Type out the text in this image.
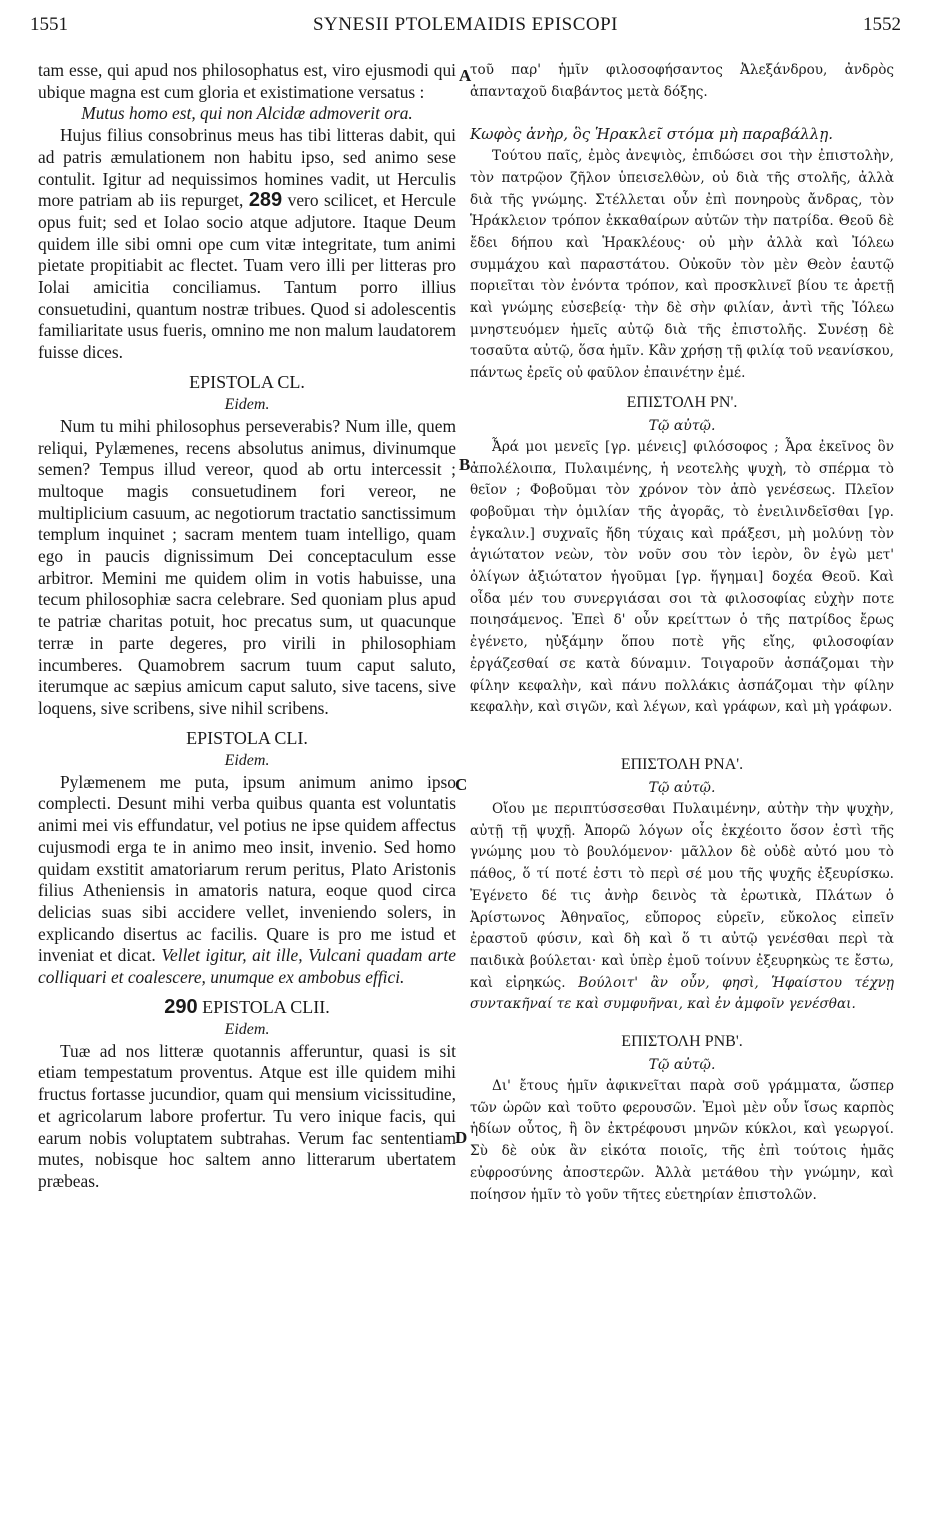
1551	SYNESII PTOLEMAIDIS EPISCOPI	1552
A
B
C
D

tam esse, qui apud nos philosophatus est, viro ejusmodi qui ubique magna est cum gloria et existimatione versatus :

Mutus homo est, qui non Alcidæ admoverit ora.

Hujus filius consobrinus meus has tibi litteras dabit, qui ad patris æmulationem non habitu ipso, sed animo sese contulit. Igitur ad nequissimos homines vadit, ut Herculis more patriam ab iis repurget, 289 vero scilicet, et Hercule opus fuit; sed et Iolao socio atque adjutore. Itaque Deum quidem ille sibi omni ope cum vitæ integritate, tum animi pietate propitiabit ac flectet. Tuam vero illi per litteras pro Iolai amicitia conciliamus. Tantum porro illius consuetudini, quantum nostræ tribues. Quod si adolescentis familiaritate usus fueris, omnino me non malum laudatorem fuisse dices.

EPISTOLA CL.
Eidem.

Num tu mihi philosophus perseverabis? Num ille, quem reliqui, Pylæmenes, recens absolutus animus, divinumque semen? Tempus illud vereor, quod ab ortu intercessit ; multoque magis consuetudinem fori vereor, ne multiplicium casuum, ac negotiorum tractatio sanctissimum templum inquinet ; sacram mentem tuam intelligo, quam ego in paucis dignissimum Dei conceptaculum esse arbitror. Memini me quidem olim in votis habuisse, una tecum philosophiæ sacra celebrare. Sed quoniam plus apud te patriæ charitas potuit, hoc precatus sum, ut quacunque terræ in parte degeres, pro virili in philosophiam incumberes. Quamobrem sacrum tuum caput saluto, iterumque ac sæpius amicum caput saluto, sive tacens, sive loquens, sive scribens, sive nihil scribens.

EPISTOLA CLI.
Eidem.

Pylæmenem me puta, ipsum animum animo ipso complecti. Desunt mihi verba quibus quanta est voluntatis animi mei vis effundatur, vel potius ne ipse quidem affectus cujusmodi erga te in animo meo insit, invenio. Sed homo quidam exstitit amatoriarum rerum peritus, Plato Aristonis filius Atheniensis in amatoris natura, eoque quod circa delicias suas sibi accidere vellet, inveniendo solers, in explicando disertus ac facilis. Quare is pro me istud et inveniat et dicat. Vellet igitur, ait ille, Vulcani quadam arte colliquari et coalescere, unumque ex ambobus effici.

290 EPISTOLA CLII.
Eidem.

Tuæ ad nos litteræ quotannis afferuntur, quasi is sit etiam tempestatum proventus. Atque est ille quidem mihi fructus fortasse jucundior, quam qui mensium vicissitudine, et agricolarum labore profertur. Tu vero inique facis, qui earum nobis voluptatem subtrahas. Verum fac sententiam mutes, nobisque hoc saltem anno litterarum ubertatem præbeas.

τοῦ παρ' ἡμῖν φιλοσοφήσαντος Ἀλεξάνδρου, ἀνδρὸς ἁπανταχοῦ διαβάντος μετὰ δόξης.

Κωφὸς ἀνὴρ, ὃς Ἡρακλεῖ στόμα μὴ παραβάλλῃ.

Τούτου παῖς, ἐμὸς ἀνεψιὸς, ἐπιδώσει σοι τὴν ἐπιστολὴν, τὸν πατρῷον ζῆλον ὑπεισελθὼν, οὐ διὰ τῆς στολῆς, ἀλλὰ διὰ τῆς γνώμης. Στέλλεται οὖν ἐπὶ πονηροὺς ἄνδρας, τὸν Ἡράκλειον τρόπον ἐκκαθαίρων αὐτῶν τὴν πατρίδα. Θεοῦ δὲ ἔδει δήπου καὶ Ἡρακλέους· οὐ μὴν ἀλλὰ καὶ Ἰόλεω συμμάχου καὶ παραστάτου. Οὐκοῦν τὸν μὲν Θεὸν ἑαυτῷ ποριεῖται τὸν ἐνόντα τρόπον, καὶ προσκλινεῖ βίου τε ἀρετῇ καὶ γνώμης εὐσεβείᾳ· τὴν δὲ σὴν φιλίαν, ἀντὶ τῆς Ἰόλεω μνηστευόμεν ἡμεῖς αὐτῷ διὰ τῆς ἐπιστολῆς. Συνέσῃ δὲ τοσαῦτα αὐτῷ, ὅσα ἡμῖν. Κἂν χρήσῃ τῇ φιλίᾳ τοῦ νεανίσκου, πάντως ἐρεῖς οὐ φαῦλον ἐπαινέτην ἐμέ.

ΕΠΙΣΤΟΛΗ ΡΝ'.
Τῷ αὐτῷ.

Ἆρά μοι μενεῖς [γρ. μένεις] φιλόσοφος ; Ἆρα ἐκεῖνος ὃν ἀπολέλοιπα, Πυλαιμένης, ἡ νεοτελὴς ψυχὴ, τὸ σπέρμα τὸ θεῖον ; Φοβοῦμαι τὸν χρόνον τὸν ἀπὸ γενέσεως. Πλεῖον φοβοῦμαι τὴν ὁμιλίαν τῆς ἀγορᾶς, τὸ ἐνειλινδεῖσθαι [γρ. ἐγκαλιν.] συχναῖς ἤδη τύχαις καὶ πράξεσι, μὴ μολύνῃ τὸν ἁγιώτατον νεὼν, τὸν νοῦν σου τὸν ἱερὸν, ὃν ἐγὼ μετ' ὀλίγων ἀξιώτατον ἡγοῦμαι [γρ. ἥγημαι] δοχέα Θεοῦ. Καὶ οἶδα μέν του συνεργιάσαι σοι τὰ φιλοσοφίας εὐχὴν ποτε ποιησάμενος. Ἐπεὶ δ' οὖν κρείττων ὁ τῆς πατρίδος ἔρως ἐγένετο, ηὐξάμην ὅπου ποτὲ γῆς εἴης, φιλοσοφίαν ἐργάζεσθαί σε κατὰ δύναμιν. Τοιγαροῦν ἀσπάζομαι τὴν φίλην κεφαλὴν, καὶ πάνυ πολλάκις ἀσπάζομαι τὴν φίλην κεφαλὴν, καὶ σιγῶν, καὶ λέγων, καὶ γράφων, καὶ μὴ γράφων.

ΕΠΙΣΤΟΛΗ ΡΝΑ'.
Τῷ αὐτῷ.

Οἴου με περιπτύσσεσθαι Πυλαιμένην, αὐτὴν τὴν ψυχὴν, αὐτῇ τῇ ψυχῇ. Ἀπορῶ λόγων οἷς ἐκχέοιτο ὅσον ἐστὶ τῆς γνώμης μου τὸ βουλόμενον· μᾶλλον δὲ οὐδὲ αὐτό μου τὸ πάθος, ὅ τί ποτέ ἐστι τὸ περὶ σέ μου τῆς ψυχῆς ἐξευρίσκω. Ἐγένετο δέ τις ἀνὴρ δεινὸς τὰ ἐρωτικὰ, Πλάτων ὁ Ἀρίστωνος Ἀθηναῖος, εὔπορος εὑρεῖν, εὔκολος εἰπεῖν ἐραστοῦ φύσιν, καὶ δὴ καὶ ὅ τι αὐτῷ γενέσθαι περὶ τὰ παιδικὰ βούλεται· καὶ ὑπὲρ ἐμοῦ τοίνυν ἐξευρηκὼς τε ἔστω, καὶ εἰρηκώς. Βούλοιτ' ἂν οὖν, φησὶ, Ἡφαίστου τέχνῃ συντακῆναί τε καὶ συμφυῆναι, καὶ ἐν ἀμφοῖν γενέσθαι.

ΕΠΙΣΤΟΛΗ ΡΝΒ'.
Τῷ αὐτῷ.

Δι' ἔτους ἡμῖν ἀφικνεῖται παρὰ σοῦ γράμματα, ὥσπερ τῶν ὡρῶν καὶ τοῦτο φερουσῶν. Ἐμοὶ μὲν οὖν ἴσως καρπὸς ἡδίων οὗτος, ἢ ὃν ἐκτρέφουσι μηνῶν κύκλοι, καὶ γεωργοί. Σὺ δὲ οὐκ ἂν εἰκότα ποιοῖς, τῆς ἐπὶ τούτοις ἡμᾶς εὐφροσύνης ἀποστερῶν. Ἀλλὰ μετάθου τὴν γνώμην, καὶ ποίησον ἡμῖν τὸ γοῦν τῆτες εὐετηρίαν ἐπιστολῶν.
